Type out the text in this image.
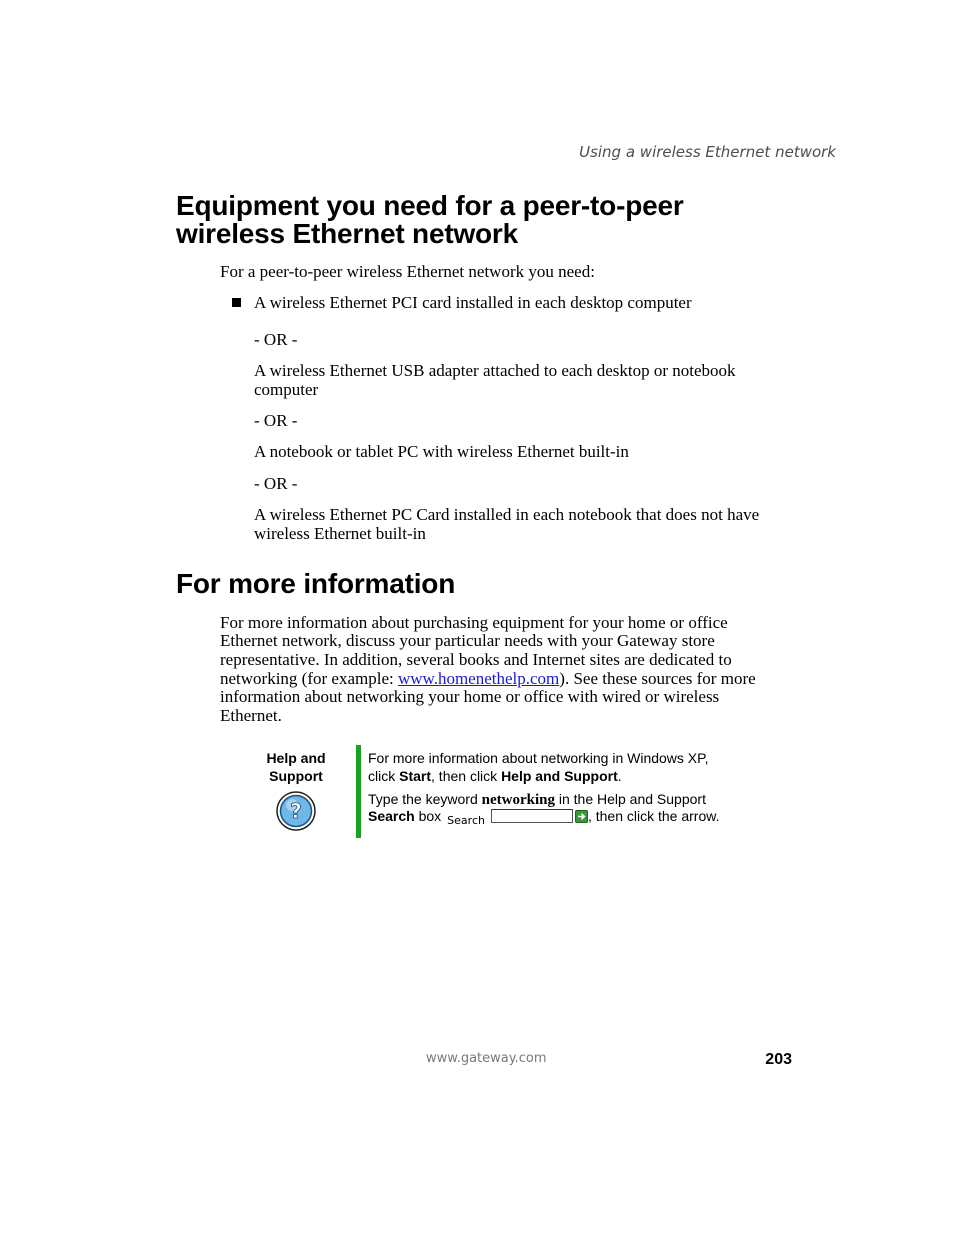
Using a wireless Ethernet network
Equipment you need for a peer-to-peer
wireless Ethernet network

For a peer-to-peer wireless Ethernet network you need:

A wireless Ethernet PCI card installed in each desktop computer

- OR -

A wireless Ethernet USB adapter attached to each desktop or notebook

computer

- OR -

A notebook or tablet PC with wireless Ethernet built-in

- OR -

A wireless Ethernet PC Card installed in each notebook that does not have

wireless Ethernet built-in

For more information

For more information about purchasing equipment for your home or office

Ethernet network, discuss your particular needs with your Gateway store

representative. In addition, several books and Internet sites are dedicated to

networking (for example: www.homenethelp.com). See these sources for more

information about networking your home or office with wired or wireless

Ethernet.

Help and
Support
?

For more information about networking in Windows XP,

click Start, then click Help and Support.

Type the keyword networking in the Help and Support

Search box Search	, then click the arrow.

www.gateway.com	203
